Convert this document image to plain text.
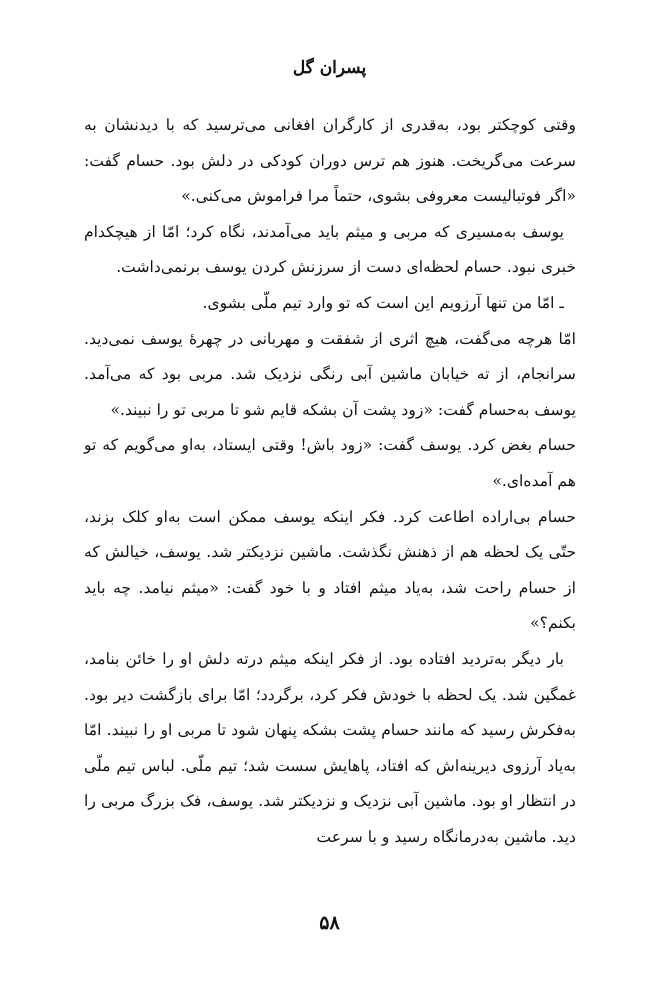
پسران گل

وقتی کوچکتر بود، به‌قدری از کارگران افغانی می‌ترسید که با دیدنشان به سرعت می‌گریخت. هنوز هم ترس دوران کودکی در دلش بود. حسام گفت: «اگر فوتبالیست معروفی بشوی، حتماً مرا فراموش می‌کنی.»

یوسف به‌مسیری که مربی و میثم باید می‌آمدند، نگاه کرد؛ امّا از هیچکدام خبری نبود. حسام لحظه‌ای دست از سرزنش کردن یوسف برنمی‌داشت.

ـ امّا من تنها آرزویم این است که تو وارد تیم ملّی بشوی.

امّا هرچه می‌گفت، هیچ اثری از شفقت و مهربانی در چهرهٔ یوسف نمی‌دید. سرانجام، از ته خیابان ماشین آبی رنگی نزدیک شد. مربی بود که می‌آمد. یوسف به‌حسام گفت: «زود پشت آن بشکه قایم شو تا مربی تو را نبیند.»

حسام بغض کرد. یوسف گفت: «زود باش! وقتی ایستاد، به‌او می‌گویم که تو هم آمده‌ای.»

حسام بی‌اراده اطاعت کرد. فکر اینکه یوسف ممکن است به‌او کلک بزند، حتّی یک لحظه هم از ذهنش نگذشت. ماشین نزدیکتر شد. یوسف، خیالش که از حسام راحت شد، به‌یاد میثم افتاد و با خود گفت: «میثم نیامد. چه باید بکنم؟»

بار دیگر به‌تردید افتاده بود. از فکر اینکه میثم درته دلش او را خائن بنامد، غمگین شد. یک لحظه با خودش فکر کرد، برگردد؛ امّا برای بازگشت دیر بود. به‌فکرش رسید که مانند حسام پشت بشکه پنهان شود تا مربی او را نبیند. امّا به‌یاد آرزوی دیرینه‌اش که افتاد، پاهایش سست شد؛ تیم ملّی. لباس تیم ملّی در انتظار او بود. ماشین آبی نزدیک و نزدیکتر شد. یوسف، فک بزرگ مربی را دید. ماشین به‌درمانگاه رسید و با سرعت

۵۸
